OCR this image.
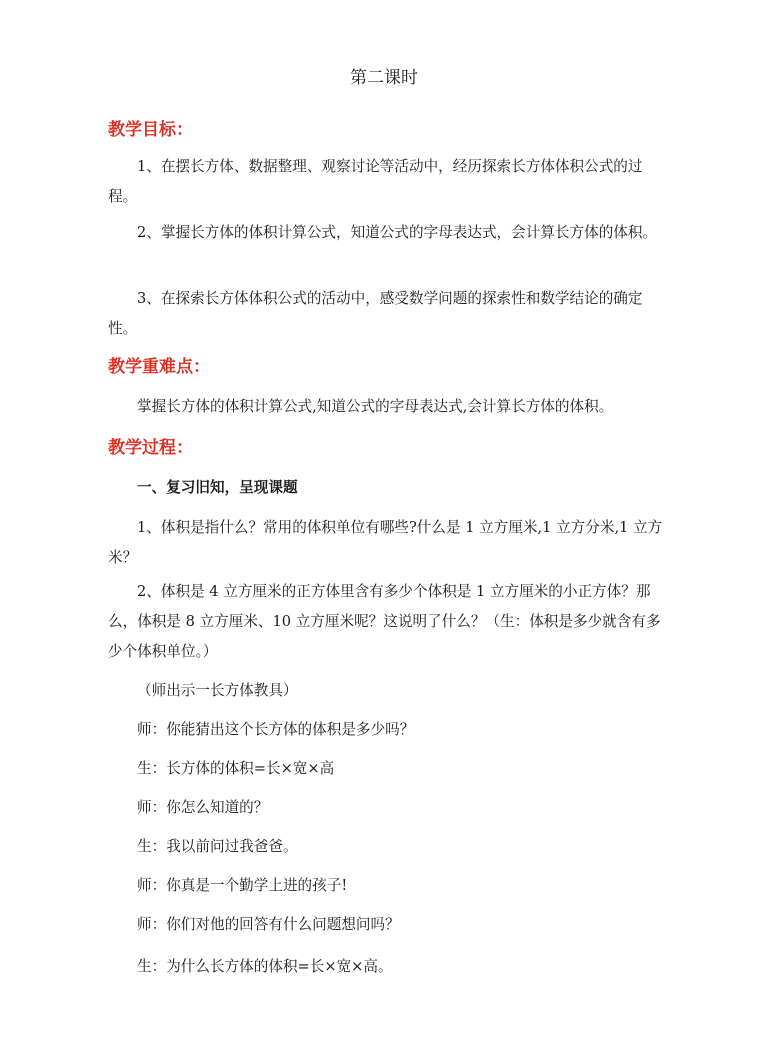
第二课时
教学目标：

1、在摆长方体、数据整理、观察讨论等活动中，经历探索长方体体积公式的过程。

2、掌握长方体的体积计算公式，知道公式的字母表达式，会计算长方体的体积。

3、在探索长方体体积公式的活动中，感受数学问题的探索性和数学结论的确定性。

教学重难点：

掌握长方体的体积计算公式,知道公式的字母表达式,会计算长方体的体积。

教学过程：
一、复习旧知，呈现课题

1、体积是指什么？常用的体积单位有哪些?什么是 1 立方厘米,1 立方分米,1 立方米？

2、体积是 4 立方厘米的正方体里含有多少个体积是 1 立方厘米的小正方体？那么，体积是 8 立方厘米、10 立方厘米呢？这说明了什么？（生：体积是多少就含有多少个体积单位。）

（师出示一长方体教具）
师：你能猜出这个长方体的体积是多少吗？
生：长方体的体积=长×宽×高
师：你怎么知道的？
生：我以前问过我爸爸。
师：你真是一个勤学上进的孩子!
师：你们对他的回答有什么问题想问吗？
生：为什么长方体的体积=长×宽×高。
